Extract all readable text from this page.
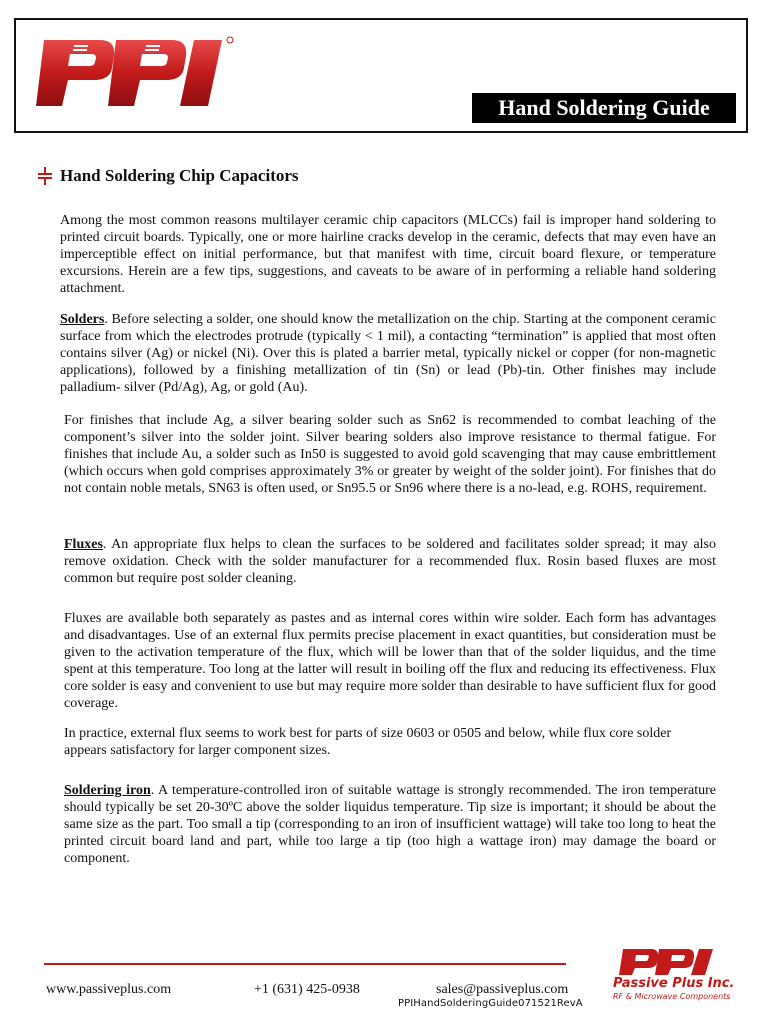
Hand Soldering Guide
Hand Soldering Chip Capacitors

Among the most common reasons multilayer ceramic chip capacitors (MLCCs) fail is improper hand soldering to printed circuit boards. Typically, one or more hairline cracks develop in the ceramic, defects that may even have an imperceptible effect on initial performance, but that manifest with time, circuit board flexure, or temperature excursions. Herein are a few tips, suggestions, and caveats to be aware of in performing a reliable hand soldering attachment.

Solders. Before selecting a solder, one should know the metallization on the chip. Starting at the component ceramic surface from which the electrodes protrude (typically < 1 mil), a contacting “termination” is applied that most often contains silver (Ag) or nickel (Ni). Over this is plated a barrier metal, typically nickel or copper (for non-magnetic applications), followed by a finishing metallization of tin (Sn) or lead (Pb)-tin. Other finishes may include palladium- silver (Pd/Ag), Ag, or gold (Au).

For finishes that include Ag, a silver bearing solder such as Sn62 is recommended to combat leaching of the component’s silver into the solder joint. Silver bearing solders also improve resistance to thermal fatigue. For finishes that include Au, a solder such as In50 is suggested to avoid gold scavenging that may cause embrittlement (which occurs when gold comprises approximately 3% or greater by weight of the solder joint). For finishes that do not contain noble metals, SN63 is often used, or Sn95.5 or Sn96 where there is a no-lead, e.g. ROHS, requirement.

Fluxes. An appropriate flux helps to clean the surfaces to be soldered and facilitates solder spread; it may also remove oxidation. Check with the solder manufacturer for a recommended flux. Rosin based fluxes are most common but require post solder cleaning.

Fluxes are available both separately as pastes and as internal cores within wire solder. Each form has advantages and disadvantages. Use of an external flux permits precise placement in exact quantities, but consideration must be given to the activation temperature of the flux, which will be lower than that of the solder liquidus, and the time spent at this temperature. Too long at the latter will result in boiling off the flux and reducing its effectiveness. Flux core solder is easy and convenient to use but may require more solder than desirable to have sufficient flux for good coverage.

In practice, external flux seems to work best for parts of size 0603 or 0505 and below, while flux core solder appears satisfactory for larger component sizes.

Soldering iron. A temperature-controlled iron of suitable wattage is strongly recommended. The iron temperature should typically be set 20-30ºC above the solder liquidus temperature. Tip size is important; it should be about the same size as the part. Too small a tip (corresponding to an iron of insufficient wattage) will take too long to heat the printed circuit board land and part, while too large a tip (too high a wattage iron) may damage the board or component.

www.passiveplus.com	+1 (631) 425-0938	sales@passiveplus.com
PPIHandSolderingGuide071521RevA
Passive Plus Inc.
RF & Microwave Components
